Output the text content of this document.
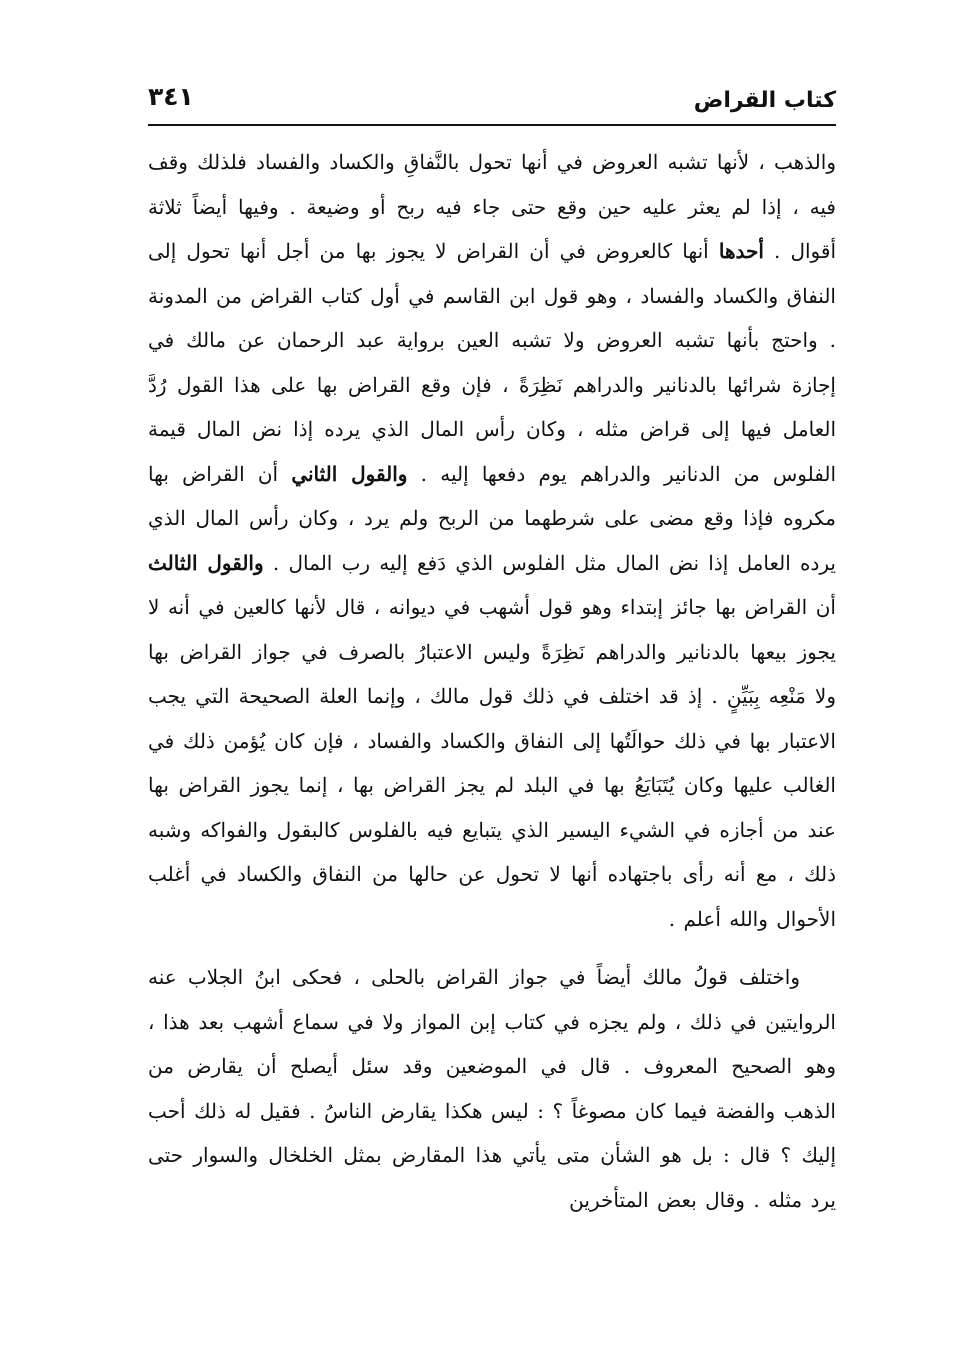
كتاب القراض
٣٤١

والذهب ، لأنها تشبه العروض في أنها تحول بالنَّفاقِ والكساد والفساد فلذلك وقف فيه ، إذا لم يعثر عليه حين وقع حتى جاء فيه ربح أو وضيعة . وفيها أيضاً ثلاثة أقوال . أحدها أنها كالعروض في أن القراض لا يجوز بها من أجل أنها تحول إلى النفاق والكساد والفساد ، وهو قول ابن القاسم في أول كتاب القراض من المدونة . واحتج بأنها تشبه العروض ولا تشبه العين برواية عبد الرحمان عن مالك في إجازة شرائها بالدنانير والدراهم نَظِرَةً ، فإن وقع القراض بها على هذا القول رُدَّ العامل فيها إلى قراض مثله ، وكان رأس المال الذي يرده إذا نض المال قيمة الفلوس من الدنانير والدراهم يوم دفعها إليه . والقول الثاني أن القراض بها مكروه فإذا وقع مضى على شرطهما من الربح ولم يرد ، وكان رأس المال الذي يرده العامل إذا نض المال مثل الفلوس الذي دَفع إليه رب المال . والقول الثالث أن القراض بها جائز إبتداء وهو قول أشهب في ديوانه ، قال لأنها كالعين في أنه لا يجوز بيعها بالدنانير والدراهم نَظِرَةً وليس الاعتبارُ بالصرف في جواز القراض بها ولا مَنْعِه بِبَيِّنٍ . إذ قد اختلف في ذلك قول مالك ، وإنما العلة الصحيحة التي يجب الاعتبار بها في ذلك حوالَتُها إلى النفاق والكساد والفساد ، فإن كان يُؤمن ذلك في الغالب عليها وكان يُتَبَايَعُ بها في البلد لم يجز القراض بها ، إنما يجوز القراض بها عند من أجازه في الشيء اليسير الذي يتبايع فيه بالفلوس كالبقول والفواكه وشبه ذلك ، مع أنه رأى باجتهاده أنها لا تحول عن حالها من النفاق والكساد في أغلب الأحوال والله أعلم .

واختلف قولُ مالك أيضاً في جواز القراض بالحلى ، فحكى ابنُ الجلاب عنه الروايتين في ذلك ، ولم يجزه في كتاب إبن المواز ولا في سماع أشهب بعد هذا ، وهو الصحيح المعروف . قال في الموضعين وقد سئل أيصلح أن يقارض من الذهب والفضة فيما كان مصوغاً ؟ : ليس هكذا يقارض الناسُ . فقيل له ذلك أحب إليك ؟ قال : بل هو الشأن متى يأتي هذا المقارض بمثل الخلخال والسوار حتى يرد مثله . وقال بعض المتأخرين
